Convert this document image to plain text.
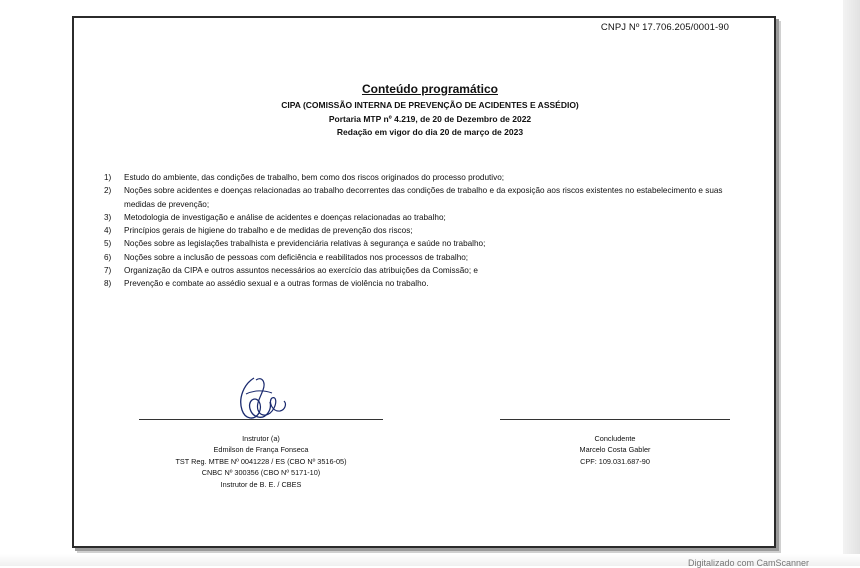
CNPJ Nº 17.706.205/0001-90
Conteúdo programático
CIPA (COMISSÃO INTERNA DE PREVENÇÃO DE ACIDENTES E ASSÉDIO)
Portaria MTP nº 4.219, de 20 de Dezembro de 2022
Redação em vigor do dia 20 de março de 2023
1) Estudo do ambiente, das condições de trabalho, bem como dos riscos originados do processo produtivo;
2) Noções sobre acidentes e doenças relacionadas ao trabalho decorrentes das condições de trabalho e da exposição aos riscos existentes no estabelecimento e suas medidas de prevenção;
3) Metodologia de investigação e análise de acidentes e doenças relacionadas ao trabalho;
4) Princípios gerais de higiene do trabalho e de medidas de prevenção dos riscos;
5) Noções sobre as legislações trabalhista e previdenciária relativas à segurança e saúde no trabalho;
6) Noções sobre a inclusão de pessoas com deficiência e reabilitados nos processos de trabalho;
7) Organização da CIPA e outros assuntos necessários ao exercício das atribuições da Comissão; e
8) Prevenção e combate ao assédio sexual e a outras formas de violência no trabalho.
Instrutor (a)
Edmilson de França Fonseca
TST Reg. MTBE Nº 0041228 / ES (CBO Nº 3516-05)
CNBC Nº 300356 (CBO Nº 5171-10)
Instrutor de B. E. / CBES
Concludente
Marcelo Costa Gabler
CPF: 109.031.687-90
Digitalizado com CamScanner
